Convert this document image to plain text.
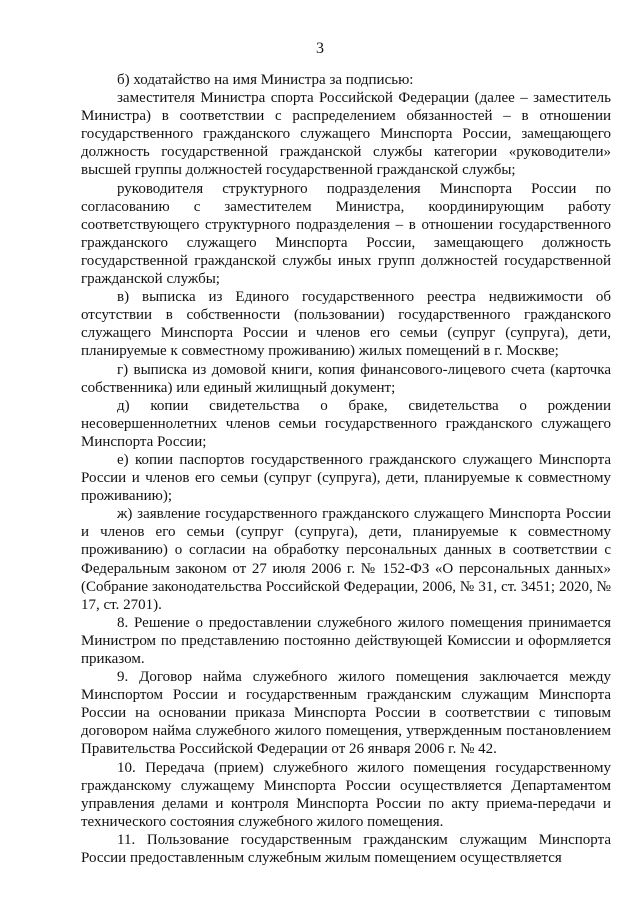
3

б) ходатайство на имя Министра за подписью:

заместителя Министра спорта Российской Федерации (далее – заместитель Министра) в соответствии с распределением обязанностей – в отношении государственного гражданского служащего Минспорта России, замещающего должность государственной гражданской службы категории «руководители» высшей группы должностей государственной гражданской службы;

руководителя структурного подразделения Минспорта России по согласованию с заместителем Министра, координирующим работу соответствующего структурного подразделения – в отношении государственного гражданского служащего Минспорта России, замещающего должность государственной гражданской службы иных групп должностей государственной гражданской службы;

в) выписка из Единого государственного реестра недвижимости об отсутствии в собственности (пользовании) государственного гражданского служащего Минспорта России и членов его семьи (супруг (супруга), дети, планируемые к совместному проживанию) жилых помещений в г. Москве;

г) выписка из домовой книги, копия финансового-лицевого счета (карточка собственника) или единый жилищный документ;

д) копии свидетельства о браке, свидетельства о рождении несовершеннолетних членов семьи государственного гражданского служащего Минспорта России;

е) копии паспортов государственного гражданского служащего Минспорта России и членов его семьи (супруг (супруга), дети, планируемые к совместному проживанию);

ж) заявление государственного гражданского служащего Минспорта России и членов его семьи (супруг (супруга), дети, планируемые к совместному проживанию) о согласии на обработку персональных данных в соответствии с Федеральным законом от 27 июля 2006 г. № 152-ФЗ «О персональных данных» (Собрание законодательства Российской Федерации, 2006, № 31, ст. 3451; 2020, № 17, ст. 2701).

8. Решение о предоставлении служебного жилого помещения принимается Министром по представлению постоянно действующей Комиссии и оформляется приказом.

9. Договор найма служебного жилого помещения заключается между Минспортом России и государственным гражданским служащим Минспорта России на основании приказа Минспорта России в соответствии с типовым договором найма служебного жилого помещения, утвержденным постановлением Правительства Российской Федерации от 26 января 2006 г. № 42.

10. Передача (прием) служебного жилого помещения государственному гражданскому служащему Минспорта России осуществляется Департаментом управления делами и контроля Минспорта России по акту приема-передачи и технического состояния служебного жилого помещения.

11. Пользование государственным гражданским служащим Минспорта России предоставленным служебным жилым помещением осуществляется
